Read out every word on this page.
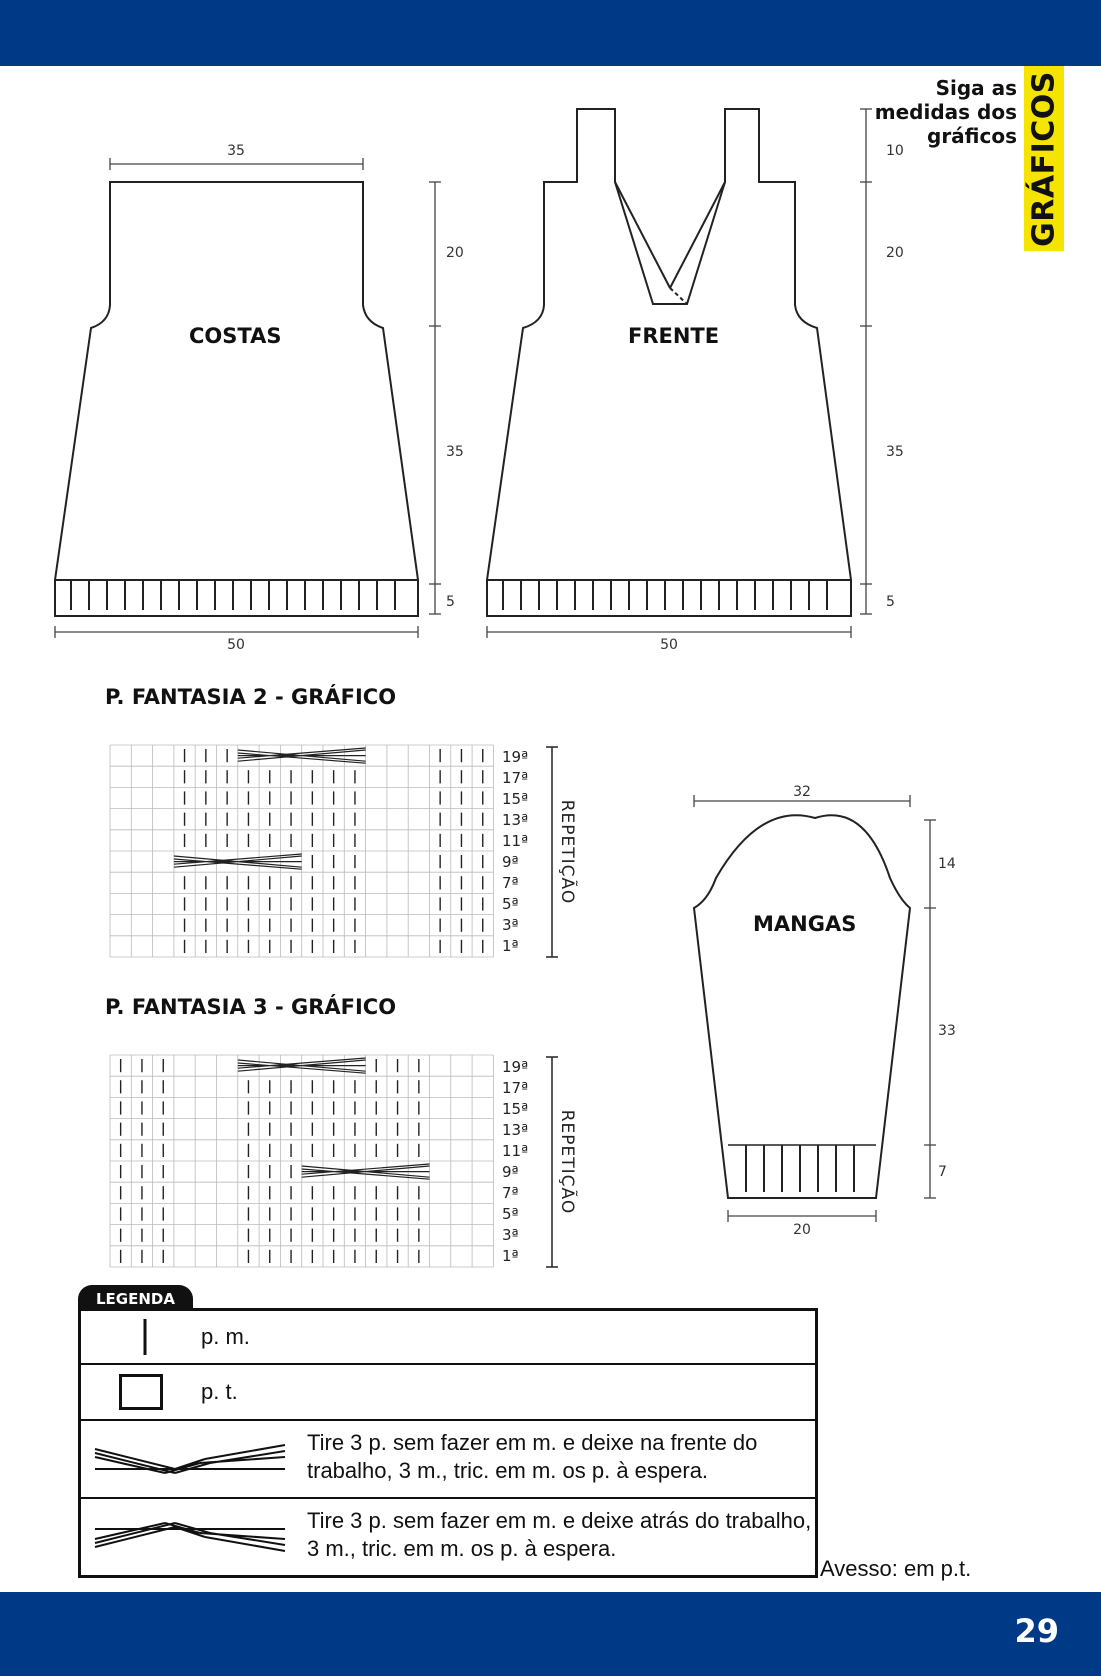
29
Siga as
medidas dos
gráficos GRÁFICOS
COSTAS	FRENTE
35
50	50
20
35
5
10
20
35
5
P. FANTASIA 2 - GRÁFICO
19ª
17ª
15ª
13ª
11ª
9ª
7ª
5ª
3ª
1ª
REPETIÇÃO
P. FANTASIA 3 - GRÁFICO
19ª
17ª
15ª
13ª
11ª
9ª
7ª
5ª
3ª
1ª
REPETIÇÃO
MANGAS
32
20
14
33
7
LEGENDA
p. m.
p. t.
Tire 3 p. sem fazer em m. e deixe na frente do
trabalho, 3 m., tric. em m. os p. à espera.
Tire 3 p. sem fazer em m. e deixe atrás do trabalho,
3 m., tric. em m. os p. à espera.
Avesso: em p.t.
